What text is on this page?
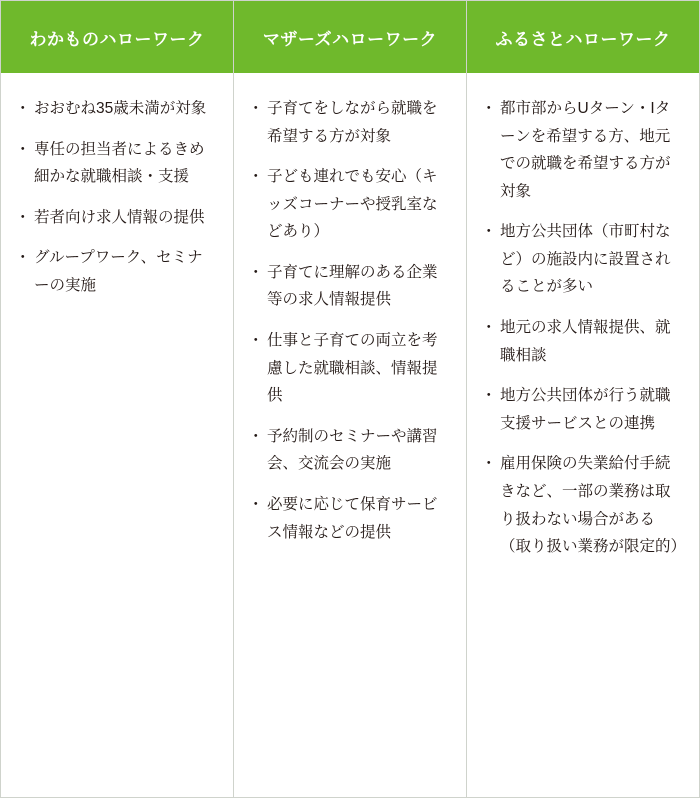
わかものハローワーク
・ おおむね35歳未満が対象
・ 専任の担当者によるきめ細かな就職相談・支援
・ 若者向け求人情報の提供
・ グループワーク、セミナーの実施
マザーズハローワーク
・ 子育てをしながら就職を希望する方が対象
・ 子ども連れでも安心（キッズコーナーや授乳室などあり）
・ 子育てに理解のある企業等の求人情報提供
・ 仕事と子育ての両立を考慮した就職相談、情報提供
・ 予約制のセミナーや講習会、交流会の実施
・ 必要に応じて保育サービス情報などの提供
ふるさとハローワーク
・ 都市部からUターン・Iターンを希望する方、地元での就職を希望する方が対象
・ 地方公共団体（市町村など）の施設内に設置されることが多い
・ 地元の求人情報提供、就職相談
・ 地方公共団体が行う就職支援サービスとの連携
・ 雇用保険の失業給付手続きなど、一部の業務は取り扱わない場合がある（取り扱い業務が限定的）
